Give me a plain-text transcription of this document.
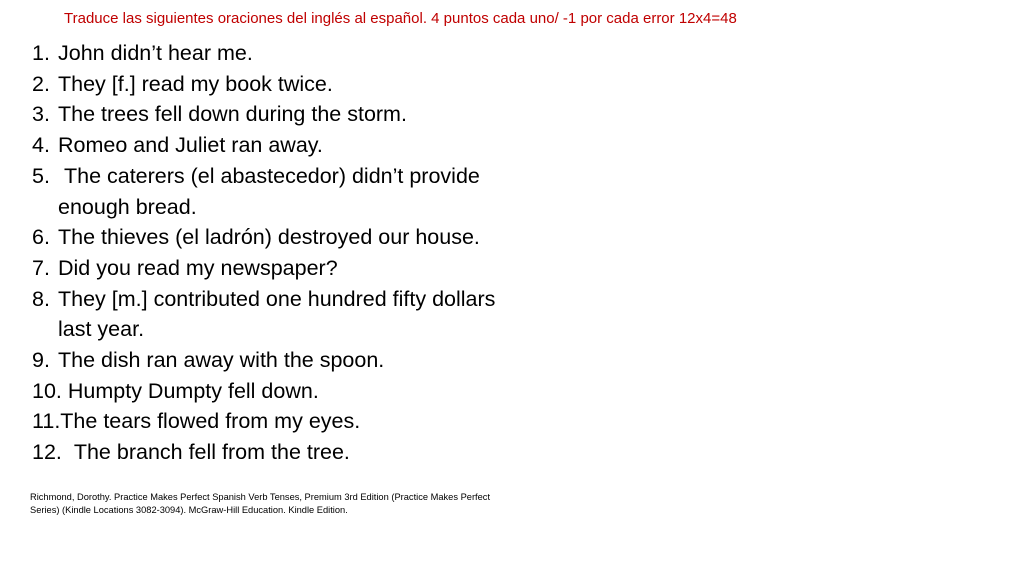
Traduce las siguientes oraciones del inglés al español. 4 puntos cada uno/ -1 por cada error 12x4=48
1. John didn’t hear me.
2. They [f.] read my book twice.
3. The trees fell down during the storm.
4. Romeo and Juliet ran away.
5. The caterers (el abastecedor) didn’t provide enough bread.
6. The thieves (el ladrón) destroyed our house.
7. Did you read my newspaper?
8. They [m.] contributed one hundred fifty dollars last year.
9. The dish ran away with the spoon.
10. Humpty Dumpty fell down.
11. The tears flowed from my eyes.
12. The branch fell from the tree.
Richmond, Dorothy. Practice Makes Perfect Spanish Verb Tenses, Premium 3rd Edition (Practice Makes Perfect Series) (Kindle Locations 3082-3094). McGraw-Hill Education. Kindle Edition.
